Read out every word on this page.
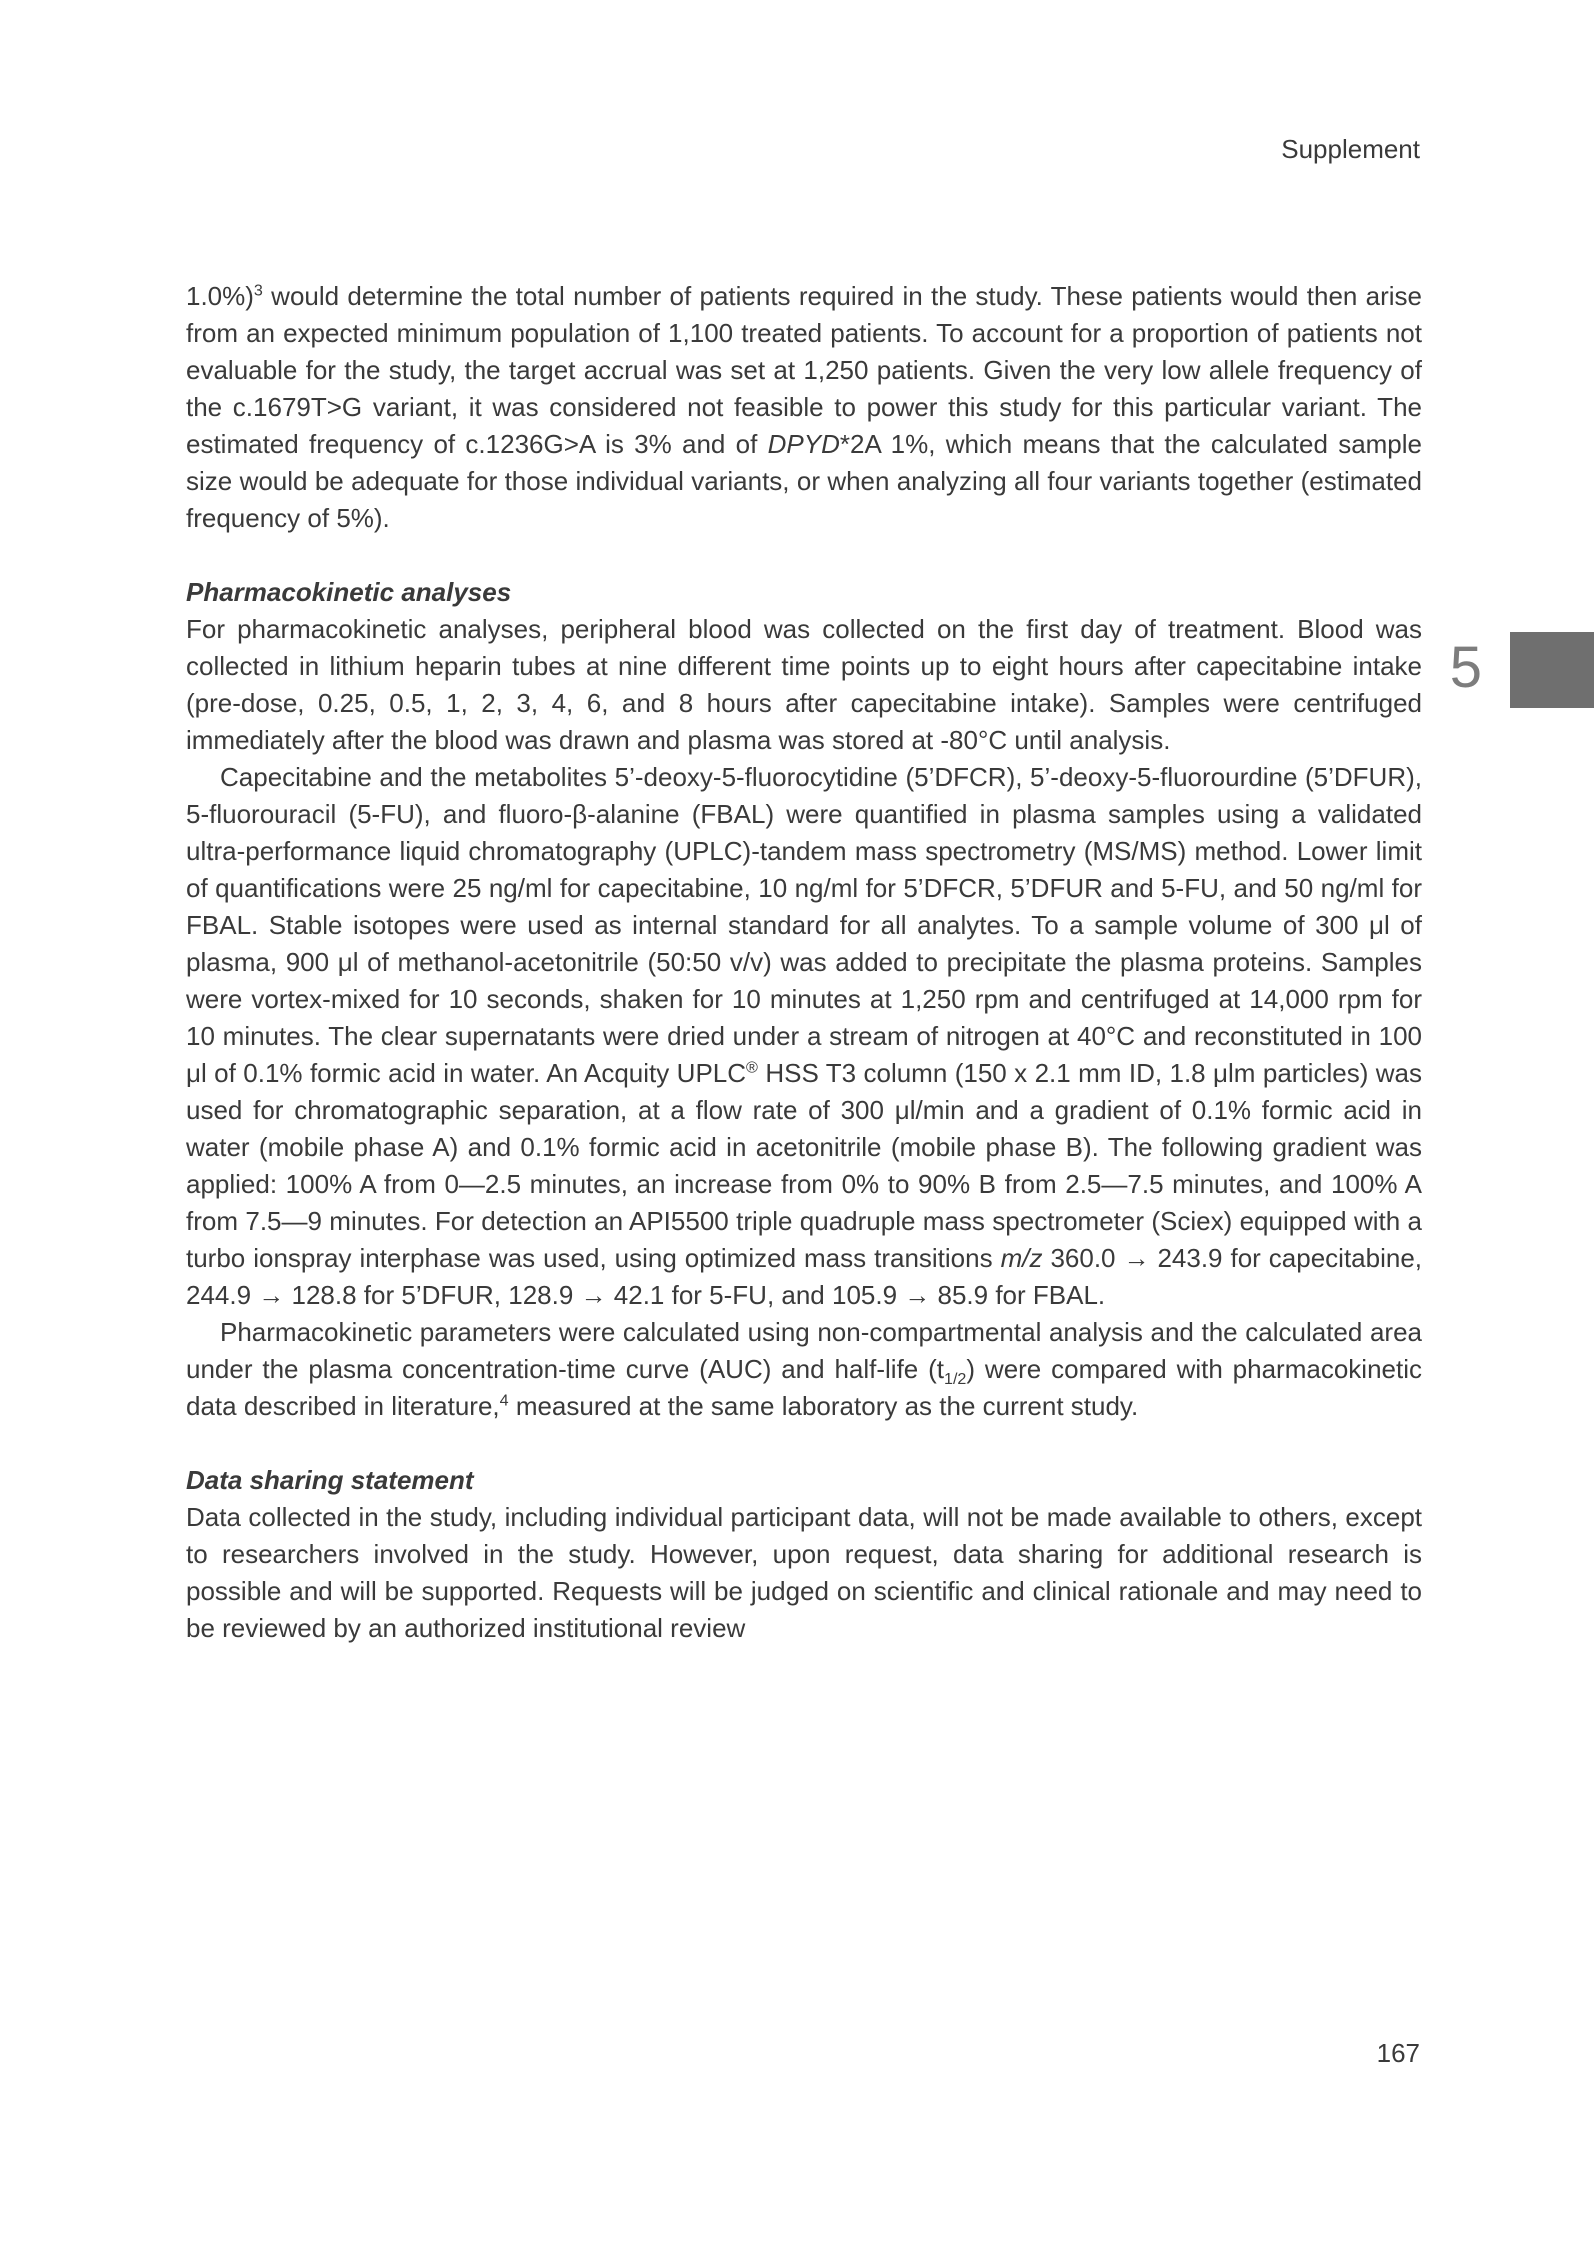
Supplement
5

1.0%)$^3$ would determine the total number of patients required in the study. These patients would then arise from an expected minimum population of 1,100 treated patients. To account for a proportion of patients not evaluable for the study, the target accrual was set at 1,250 patients. Given the very low allele frequency of the c.1679T>G variant, it was considered not feasible to power this study for this particular variant. The estimated frequency of c.1236G>A is 3% and of DPYD*2A 1%, which means that the calculated sample size would be adequate for those individual variants, or when analyzing all four variants together (estimated frequency of 5%).

Pharmacokinetic analyses

For pharmacokinetic analyses, peripheral blood was collected on the first day of treatment. Blood was collected in lithium heparin tubes at nine different time points up to eight hours after capecitabine intake (pre-dose, 0.25, 0.5, 1, 2, 3, 4, 6, and 8 hours after capecitabine intake). Samples were centrifuged immediately after the blood was drawn and plasma was stored at -80°C until analysis.

Capecitabine and the metabolites 5’-deoxy-5-fluorocytidine (5’DFCR), 5’-deoxy-5-fluorourdine (5’DFUR), 5-fluorouracil (5-FU), and fluoro-β-alanine (FBAL) were quantified in plasma samples using a validated ultra-performance liquid chromatography (UPLC)-tandem mass spectrometry (MS/MS) method. Lower limit of quantifications were 25 ng/ml for capecitabine, 10 ng/ml for 5’DFCR, 5’DFUR and 5-FU, and 50 ng/ml for FBAL. Stable isotopes were used as internal standard for all analytes. To a sample volume of 300 μl of plasma, 900 μl of methanol-acetonitrile (50:50 v/v) was added to precipitate the plasma proteins. Samples were vortex-mixed for 10 seconds, shaken for 10 minutes at 1,250 rpm and centrifuged at 14,000 rpm for 10 minutes. The clear supernatants were dried under a stream of nitrogen at 40°C and reconstituted in 100 μl of 0.1% formic acid in water. An Acquity UPLC® HSS T3 column (150 x 2.1 mm ID, 1.8 μlm particles) was used for chromatographic separation, at a flow rate of 300 μl/min and a gradient of 0.1% formic acid in water (mobile phase A) and 0.1% formic acid in acetonitrile (mobile phase B). The following gradient was applied: 100% A from 0—2.5 minutes, an increase from 0% to 90% B from 2.5—7.5 minutes, and 100% A from 7.5—9 minutes. For detection an API5500 triple quadruple mass spectrometer (Sciex) equipped with a turbo ionspray interphase was used, using optimized mass transitions m/z 360.0 → 243.9 for capecitabine, 244.9 → 128.8 for 5’DFUR, 128.9 → 42.1 for 5-FU, and 105.9 → 85.9 for FBAL.

Pharmacokinetic parameters were calculated using non-compartmental analysis and the calculated area under the plasma concentration-time curve (AUC) and half-life $(t_{1/2})$ were compared with pharmacokinetic data described in literature,$^4$ measured at the same laboratory as the current study.

Data sharing statement

Data collected in the study, including individual participant data, will not be made available to others, except to researchers involved in the study. However, upon request, data sharing for additional research is possible and will be supported. Requests will be judged on scientific and clinical rationale and may need to be reviewed by an authorized institutional review

167
